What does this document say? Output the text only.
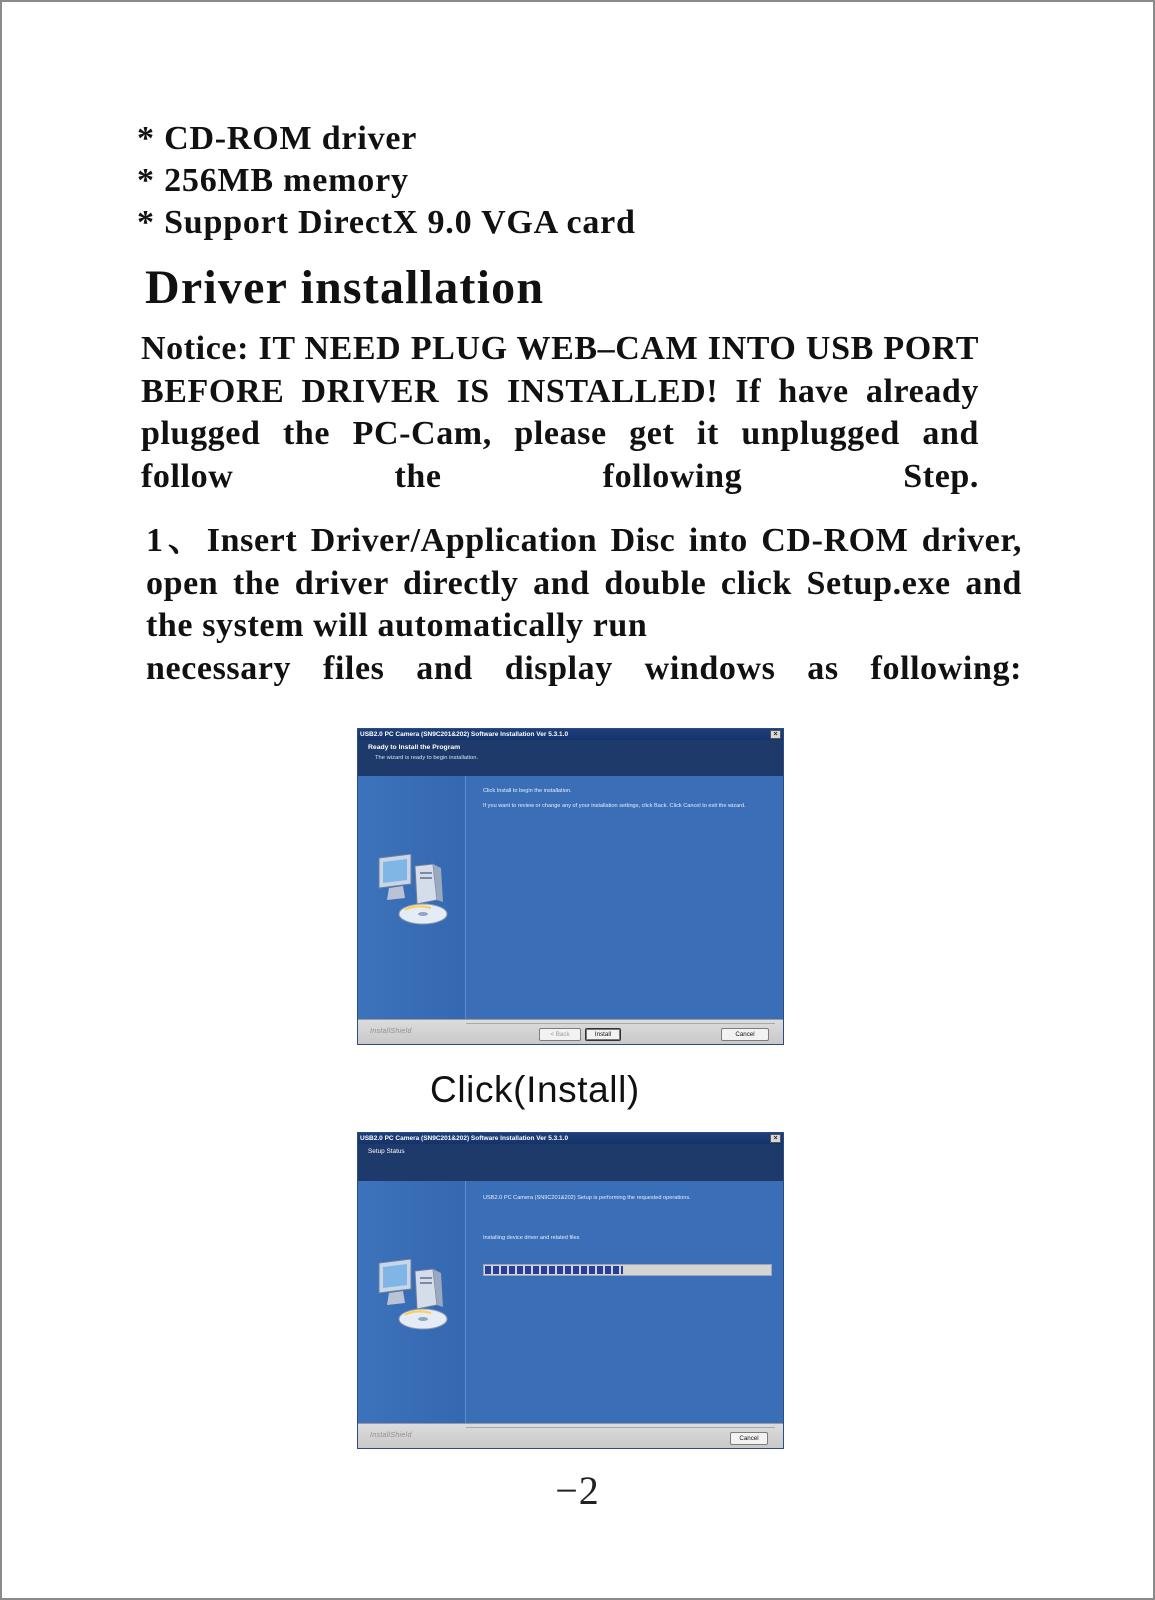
* CD-ROM driver
* 256MB memory
* Support DirectX 9.0 VGA card
Driver installation

Notice: IT NEED PLUG WEB–CAM INTO USB PORT BEFORE DRIVER IS INSTALLED! If have already plugged the PC-Cam, please get it unplugged and follow the following Step.

1、Insert Driver/Application Disc into CD-ROM driver, open the driver directly and double click Setup.exe and the system will automatically run
necessary files and display windows as following:

USB2.0 PC Camera (SN9C201&202) Software Installation Ver 5.3.1.0	×
Ready to Install the Program
The wizard is ready to begin installation.
Click Install to begin the installation.
If you want to review or change any of your installation settings, click Back. Click Cancel to exit the wizard.
InstallShield	< Back	Install	Cancel

Click(Install)

USB2.0 PC Camera (SN9C201&202) Software Installation Ver 5.3.1.0	×
Setup Status
USB2.0 PC Camera (SN9C201&202) Setup is performing the requested operations.
Installing device driver and related files
InstallShield	Cancel
−2
